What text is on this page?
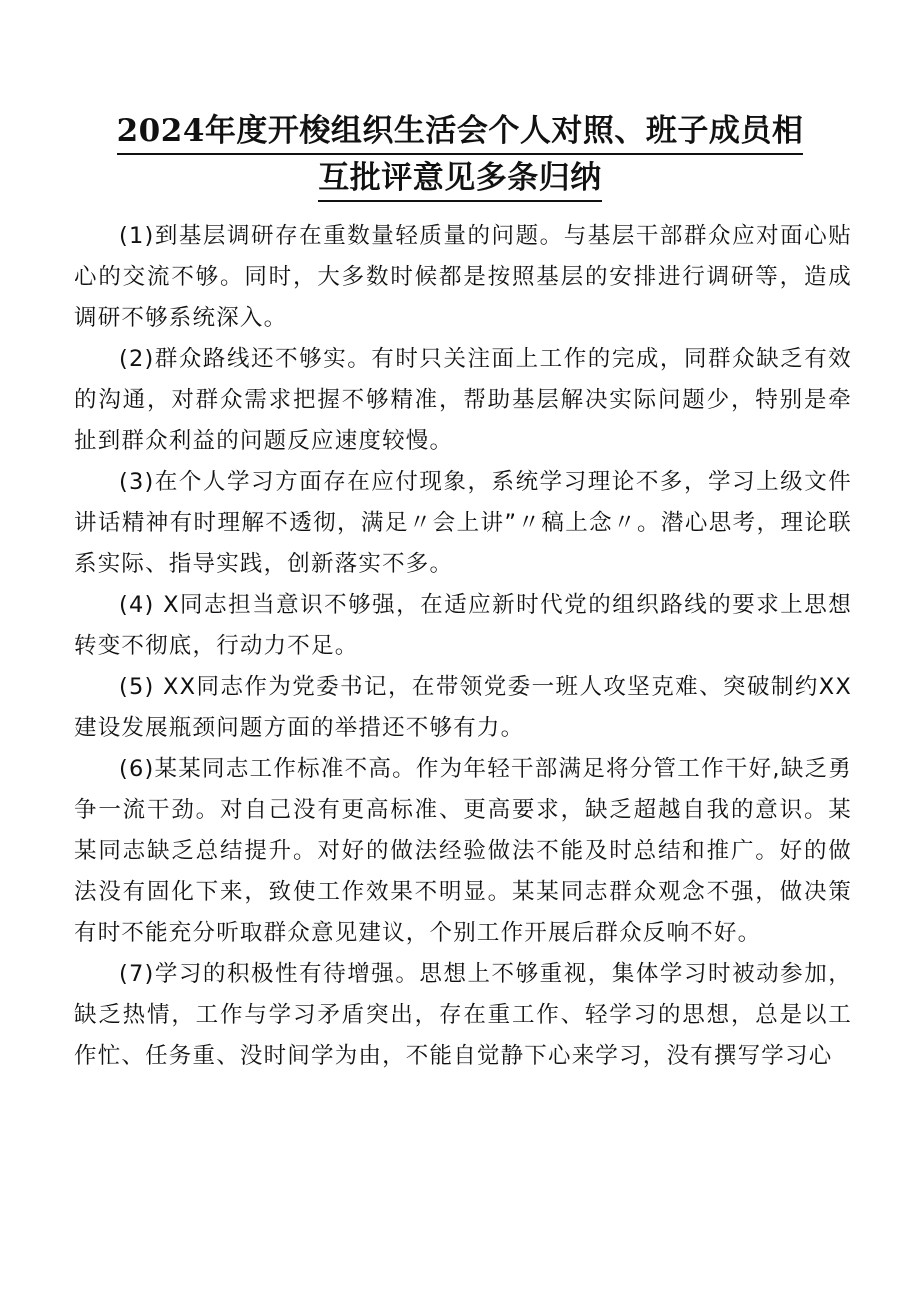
2024年度开梭组织生活会个人对照、班子成员相
互批评意见多条归纳

(1)到基层调研存在重数量轻质量的问题。与基层干部群众应对面心贴心的交流不够。同时，大多数时候都是按照基层的安排进行调研等，造成调研不够系统深入。

(2)群众路线还不够实。有时只关注面上工作的完成，同群众缺乏有效的沟通，对群众需求把握不够精准，帮助基层解决实际问题少，特别是牵扯到群众利益的问题反应速度较慢。

(3)在个人学习方面存在应付现象，系统学习理论不多，学习上级文件讲话精神有时理解不透彻，满足〃会上讲”〃稿上念〃。潜心思考，理论联系实际、指导实践，创新落实不多。

(4) X同志担当意识不够强，在适应新时代党的组织路线的要求上思想转变不彻底，行动力不足。

(5) XX同志作为党委书记，在带领党委一班人攻坚克难、突破制约XX建设发展瓶颈问题方面的举措还不够有力。

(6)某某同志工作标准不高。作为年轻干部满足将分管工作干好,缺乏勇争一流干劲。对自己没有更高标准、更高要求，缺乏超越自我的意识。某某同志缺乏总结提升。对好的做法经验做法不能及时总结和推广。好的做法没有固化下来，致使工作效果不明显。某某同志群众观念不强，做决策有时不能充分听取群众意见建议，个别工作开展后群众反响不好。

(7)学习的积极性有待增强。思想上不够重视，集体学习时被动参加，缺乏热情，工作与学习矛盾突出，存在重工作、轻学习的思想，总是以工作忙、任务重、没时间学为由，不能自觉静下心来学习，没有撰写学习心
